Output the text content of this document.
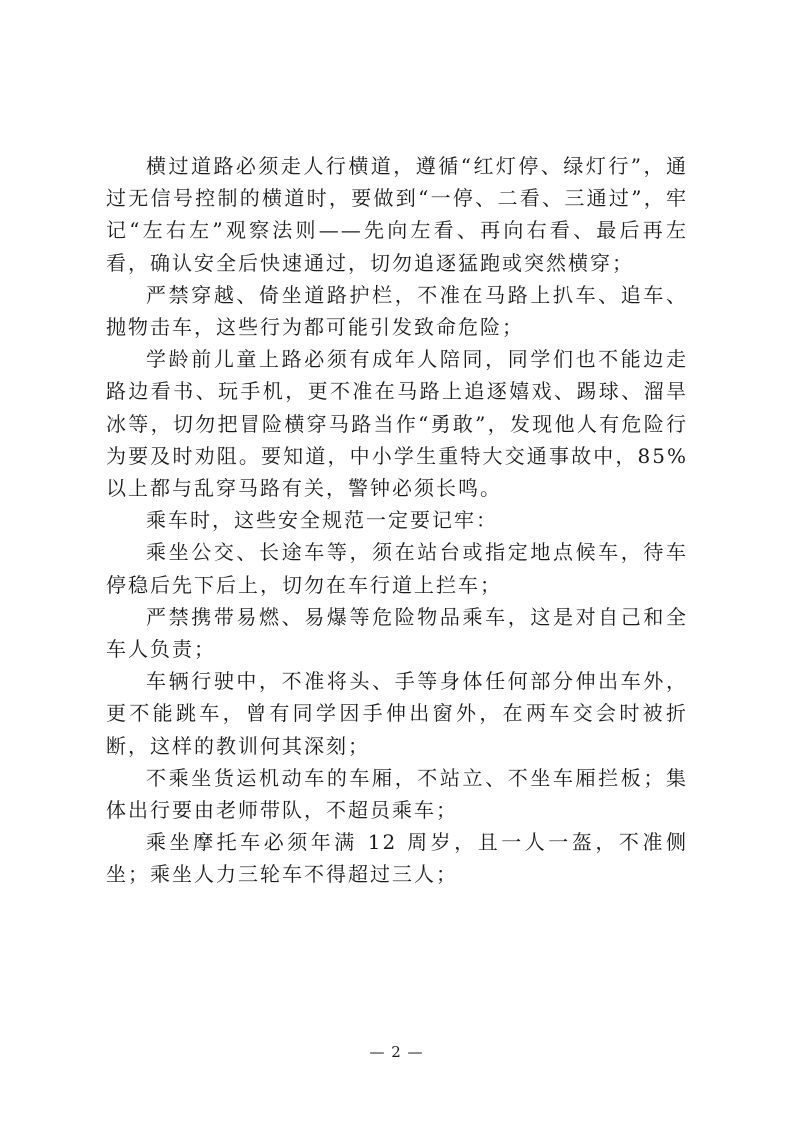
横过道路必须走人行横道，遵循“红灯停、绿灯行”，通过无信号控制的横道时，要做到“一停、二看、三通过”，牢记“左右左”观察法则——先向左看、再向右看、最后再左看，确认安全后快速通过，切勿追逐猛跑或突然横穿；

严禁穿越、倚坐道路护栏，不准在马路上扒车、追车、抛物击车，这些行为都可能引发致命危险；

学龄前儿童上路必须有成年人陪同，同学们也不能边走路边看书、玩手机，更不准在马路上追逐嬉戏、踢球、溜旱冰等，切勿把冒险横穿马路当作“勇敢”，发现他人有危险行为要及时劝阻。要知道，中小学生重特大交通事故中，85%以上都与乱穿马路有关，警钟必须长鸣。

乘车时，这些安全规范一定要记牢：

乘坐公交、长途车等，须在站台或指定地点候车，待车停稳后先下后上，切勿在车行道上拦车；

严禁携带易燃、易爆等危险物品乘车，这是对自己和全车人负责；

车辆行驶中，不准将头、手等身体任何部分伸出车外，更不能跳车，曾有同学因手伸出窗外，在两车交会时被折断，这样的教训何其深刻；

不乘坐货运机动车的车厢，不站立、不坐车厢拦板；集体出行要由老师带队，不超员乘车；

乘坐摩托车必须年满 12 周岁，且一人一盔，不准侧坐；乘坐人力三轮车不得超过三人；

— 2 —
